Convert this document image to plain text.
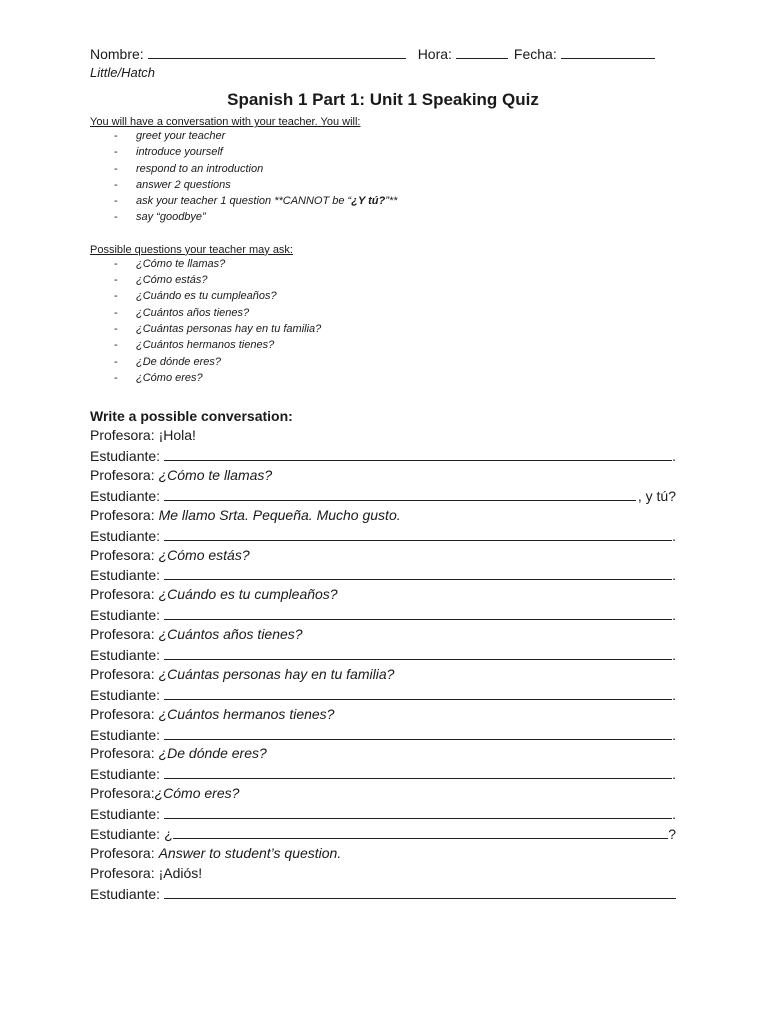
Nombre:	Hora:	Fecha:
Little/Hatch
Spanish 1 Part 1: Unit 1 Speaking Quiz
You will have a conversation with your teacher. You will:
- greet your teacher
- introduce yourself
- respond to an introduction
- answer 2 questions
- ask your teacher 1 question **CANNOT be “¿Y tú?”**
- say “goodbye”
Possible questions your teacher may ask:
- ¿Cómo te llamas?
- ¿Cómo estás?
- ¿Cuándo es tu cumpleaños?
- ¿Cuántos años tienes?
- ¿Cuántas personas hay en tu familia?
- ¿Cuántos hermanos tienes?
- ¿De dónde eres?
- ¿Cómo eres?
Write a possible conversation:
Profesora: ¡Hola!
Estudiante:	.
Profesora: ¿Cómo te llamas?
Estudiante:	, y tú?
Profesora: Me llamo Srta. Pequeña. Mucho gusto.
Estudiante:	.
Profesora: ¿Cómo estás?
Estudiante:	.
Profesora: ¿Cuándo es tu cumpleaños?
Estudiante:	.
Profesora: ¿Cuántos años tienes?
Estudiante:	.
Profesora: ¿Cuántas personas hay en tu familia?
Estudiante:	.
Profesora: ¿Cuántos hermanos tienes?
Estudiante:	.
Profesora: ¿De dónde eres?
Estudiante:	.
Profesora: ¿Cómo eres?
Estudiante:	.
Estudiante: ¿	?
Profesora: Answer to student’s question.
Profesora: ¡Adiós!
Estudiante:
